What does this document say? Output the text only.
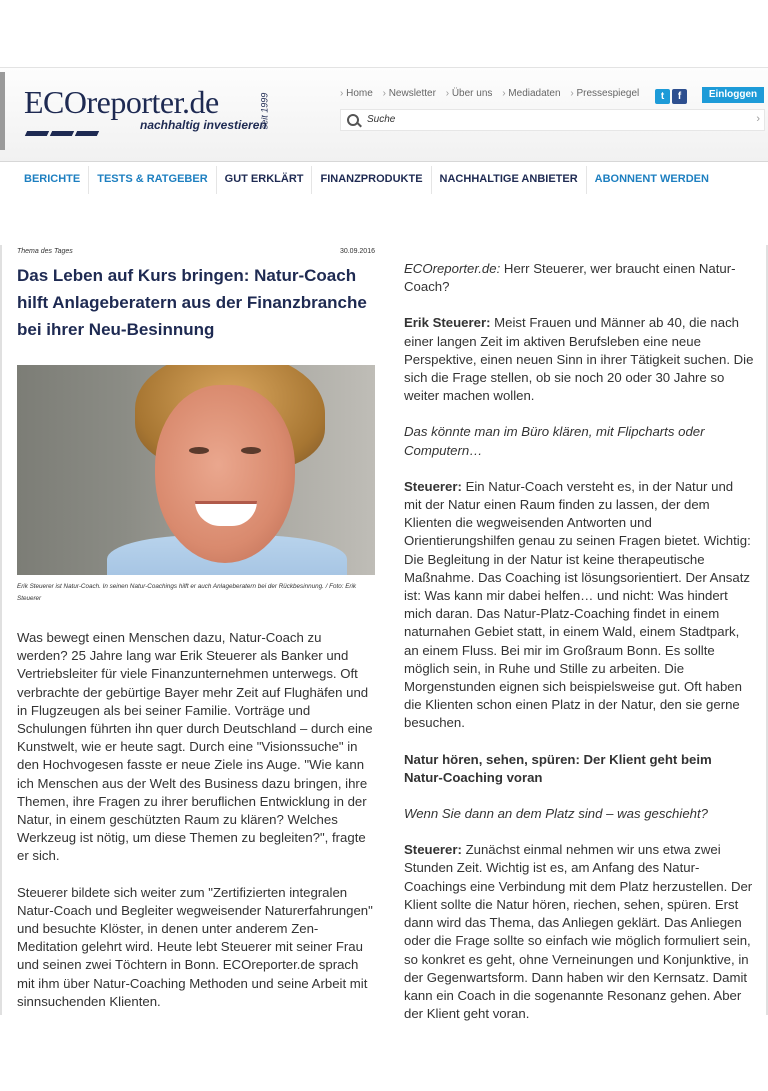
ECOreporter.de
nachhaltig investieren
seit 1999	› Home › Newsletter › Über uns › Mediadaten › Pressespiegel	t f	Einloggen
Suche	›
BERICHTE	TESTS & RATGEBER	GUT ERKLÄRT	FINANZPRODUKTE	NACHHALTIGE ANBIETER	ABONNENT WERDEN
Thema des Tages	30.09.2016
Das Leben auf Kurs bringen: Natur-Coach hilft Anlageberatern aus der Finanzbranche bei ihrer Neu-Besinnung
Erik Steuerer ist Natur-Coach. In seinen Natur-Coachings hilft er auch Anlageberatern bei der Rückbesinnung. / Foto: Erik Steuerer

Was bewegt einen Menschen dazu, Natur-Coach zu werden? 25 Jahre lang war Erik Steuerer als Banker und Vertriebsleiter für viele Finanzunternehmen unterwegs. Oft verbrachte der gebürtige Bayer mehr Zeit auf Flughäfen und in Flugzeugen als bei seiner Familie. Vorträge und Schulungen führten ihn quer durch Deutschland – durch eine Kunstwelt, wie er heute sagt. Durch eine "Visionssuche" in den Hochvogesen fasste er neue Ziele ins Auge. "Wie kann ich Menschen aus der Welt des Business dazu bringen, ihre Themen, ihre Fragen zu ihrer beruflichen Entwicklung in der Natur, in einem geschützten Raum zu klären? Welches Werkzeug ist nötig, um diese Themen zu begleiten?", fragte er sich.

Steuerer bildete sich weiter zum "Zertifizierten integralen Natur-Coach und Begleiter wegweisender Naturerfahrungen" und besuchte Klöster, in denen unter anderem Zen-Meditation gelehrt wird. Heute lebt Steuerer mit seiner Frau und seinen zwei Töchtern in Bonn. ECOreporter.de sprach mit ihm über Natur-Coaching Methoden und seine Arbeit mit sinnsuchenden Klienten.

ECOreporter.de: Herr Steuerer, wer braucht einen Natur-Coach?

Erik Steuerer: Meist Frauen und Männer ab 40, die nach einer langen Zeit im aktiven Berufsleben eine neue Perspektive, einen neuen Sinn in ihrer Tätigkeit suchen. Die sich die Frage stellen, ob sie noch 20 oder 30 Jahre so weiter machen wollen.

Das könnte man im Büro klären, mit Flipcharts oder Computern…

Steuerer: Ein Natur-Coach versteht es, in der Natur und mit der Natur einen Raum finden zu lassen, der dem Klienten die wegweisenden Antworten und Orientierungshilfen genau zu seinen Fragen bietet. Wichtig: Die Begleitung in der Natur ist keine therapeutische Maßnahme. Das Coaching ist lösungsorientiert. Der Ansatz ist: Was kann mir dabei helfen… und nicht: Was hindert mich daran. Das Natur-Platz-Coaching findet in einem naturnahen Gebiet statt, in einem Wald, einem Stadtpark, an einem Fluss. Bei mir im Großraum Bonn. Es sollte möglich sein, in Ruhe und Stille zu arbeiten. Die Morgenstunden eignen sich beispielsweise gut. Oft haben die Klienten schon einen Platz in der Natur, den sie gerne besuchen.

Natur hören, sehen, spüren: Der Klient geht beim Natur-Coaching voran

Wenn Sie dann an dem Platz sind – was geschieht?

Steuerer: Zunächst einmal nehmen wir uns etwa zwei Stunden Zeit. Wichtig ist es, am Anfang des Natur-Coachings eine Verbindung mit dem Platz herzustellen. Der Klient sollte die Natur hören, riechen, sehen, spüren. Erst dann wird das Thema, das Anliegen geklärt. Das Anliegen oder die Frage sollte so einfach wie möglich formuliert sein, so konkret es geht, ohne Verneinungen und Konjunktive, in der Gegenwartsform. Dann haben wir den Kernsatz. Damit kann ein Coach in die sogenannte Resonanz gehen. Aber der Klient geht voran.
